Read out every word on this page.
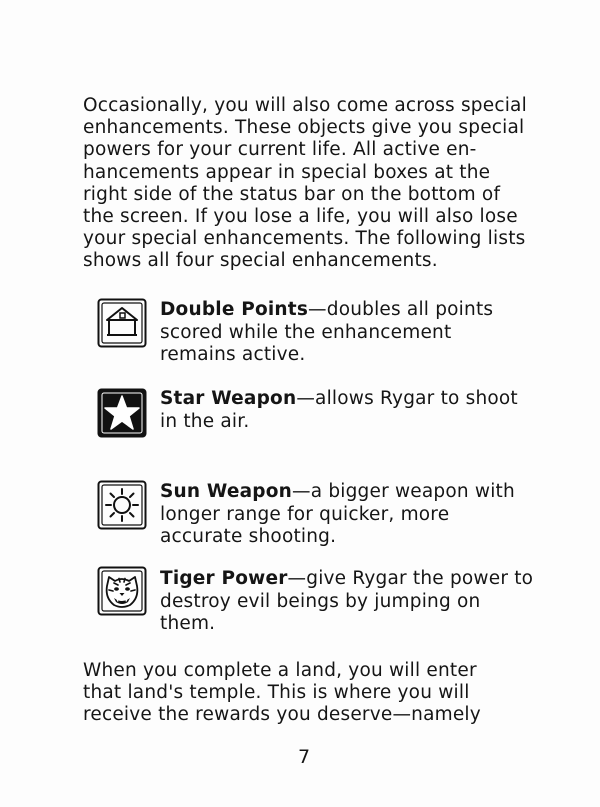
Occasionally, you will also come across special
enhancements. These objects give you special
powers for your current life. All active en-
hancements appear in special boxes at the
right side of the status bar on the bottom of
the screen. If you lose a life, you will also lose
your special enhancements. The following lists
shows all four special enhancements.
Double Points—doubles all points
scored while the enhancement
remains active.
Star Weapon—allows Rygar to shoot
in the air.
Sun Weapon—a bigger weapon with
longer range for quicker, more
accurate shooting.
Tiger Power—give Rygar the power to
destroy evil beings by jumping on
them.
When you complete a land, you will enter
that land's temple. This is where you will
receive the rewards you deserve—namely
7
